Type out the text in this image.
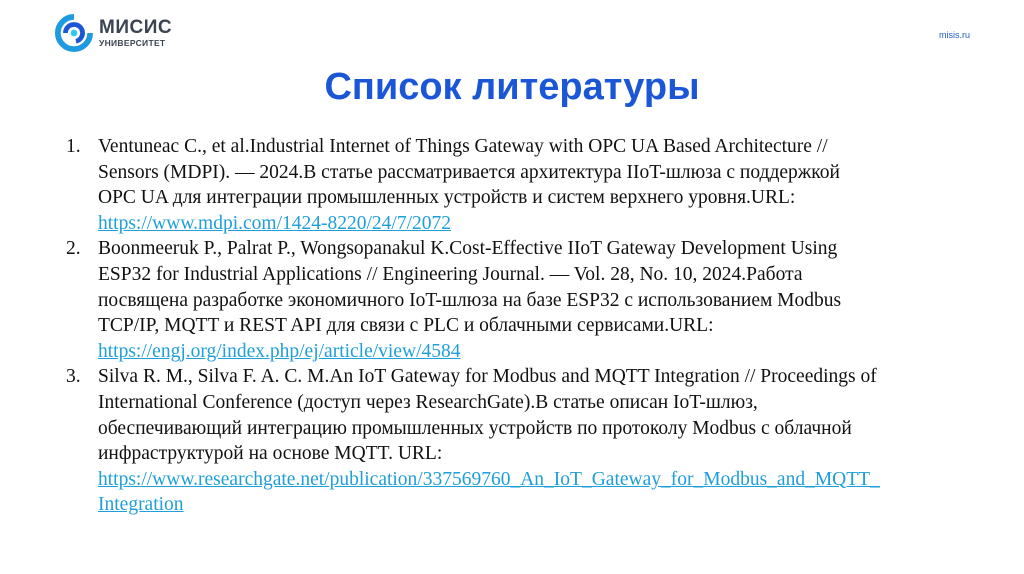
МИСИС
УНИВЕРСИТЕТ
misis.ru
Список литературы
1. Ventuneac C., et al.Industrial Internet of Things Gateway with OPC UA Based Architecture //
Sensors (MDPI). — 2024.В статье рассматривается архитектура IIoT-шлюза с поддержкой
OPC UA для интеграции промышленных устройств и систем верхнего уровня.URL:
https://www.mdpi.com/1424-8220/24/7/2072
2. Boonmeeruk P., Palrat P., Wongsopanakul K.Cost-Effective IIoT Gateway Development Using
ESP32 for Industrial Applications // Engineering Journal. — Vol. 28, No. 10, 2024.Работа
посвящена разработке экономичного IoT-шлюза на базе ESP32 с использованием Modbus
TCP/IP, MQTT и REST API для связи с PLC и облачными сервисами.URL:
https://engj.org/index.php/ej/article/view/4584
3. Silva R. M., Silva F. A. C. M.An IoT Gateway for Modbus and MQTT Integration // Proceedings of
International Conference (доступ через ResearchGate).В статье описан IoT-шлюз,
обеспечивающий интеграцию промышленных устройств по протоколу Modbus с облачной
инфраструктурой на основе MQTT. URL:
https://www.researchgate.net/publication/337569760_An_IoT_Gateway_for_Modbus_and_MQTT_
Integration
